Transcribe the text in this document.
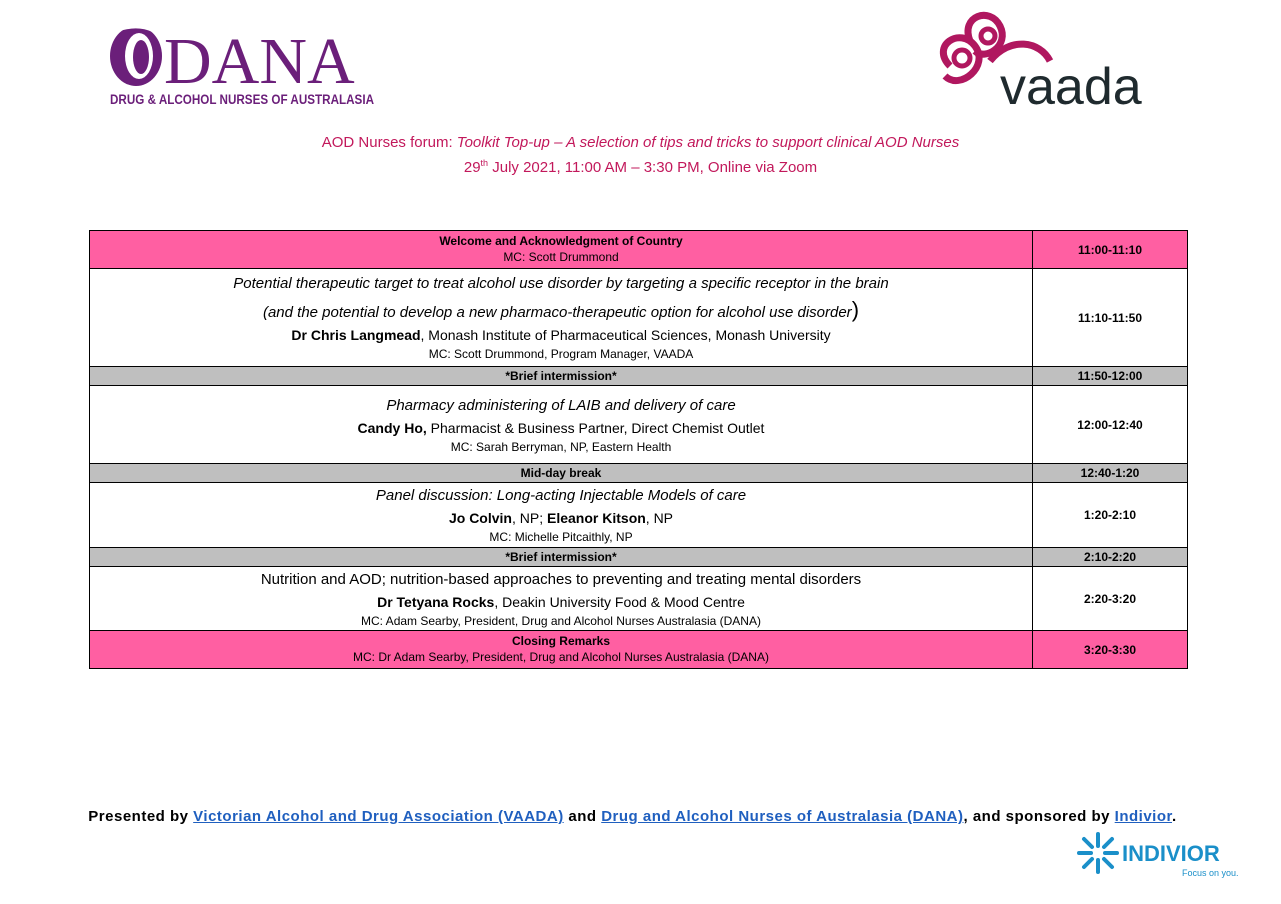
DANA
DRUG & ALCOHOL NURSES OF AUSTRALASIA	vaada
AOD Nurses forum: Toolkit Top-up – A selection of tips and tricks to support clinical AOD Nurses
29th July 2021, 11:00 AM – 3:30 PM, Online via Zoom
Welcome and Acknowledgment of Country
MC: Scott Drummond	11:00-11:10

Potential therapeutic target to treat alcohol use disorder by targeting a specific receptor in the brain
(and the potential to develop a new pharmaco-therapeutic option for alcohol use disorder)
Dr Chris Langmead, Monash Institute of Pharmaceutical Sciences, Monash University
MC: Scott Drummond, Program Manager, VAADA	11:10-11:50
*Brief intermission*	11:50-12:00

Pharmacy administering of LAIB and delivery of care
Candy Ho, Pharmacist & Business Partner, Direct Chemist Outlet
MC: Sarah Berryman, NP, Eastern Health	12:00-12:40
Mid-day break	12:40-1:20

Panel discussion: Long-acting Injectable Models of care
Jo Colvin, NP; Eleanor Kitson, NP
MC: Michelle Pitcaithly, NP	1:20-2:10
*Brief intermission*	2:10-2:20

Nutrition and AOD; nutrition-based approaches to preventing and treating mental disorders
Dr Tetyana Rocks, Deakin University Food & Mood Centre
MC: Adam Searby, President, Drug and Alcohol Nurses Australasia (DANA)	2:20-3:20

Closing Remarks
MC: Dr Adam Searby, President, Drug and Alcohol Nurses Australasia (DANA)	3:20-3:30
Presented by Victorian Alcohol and Drug Association (VAADA) and Drug and Alcohol Nurses of Australasia (DANA), and sponsored by Indivior.
INDIVIOR
Focus on you.
